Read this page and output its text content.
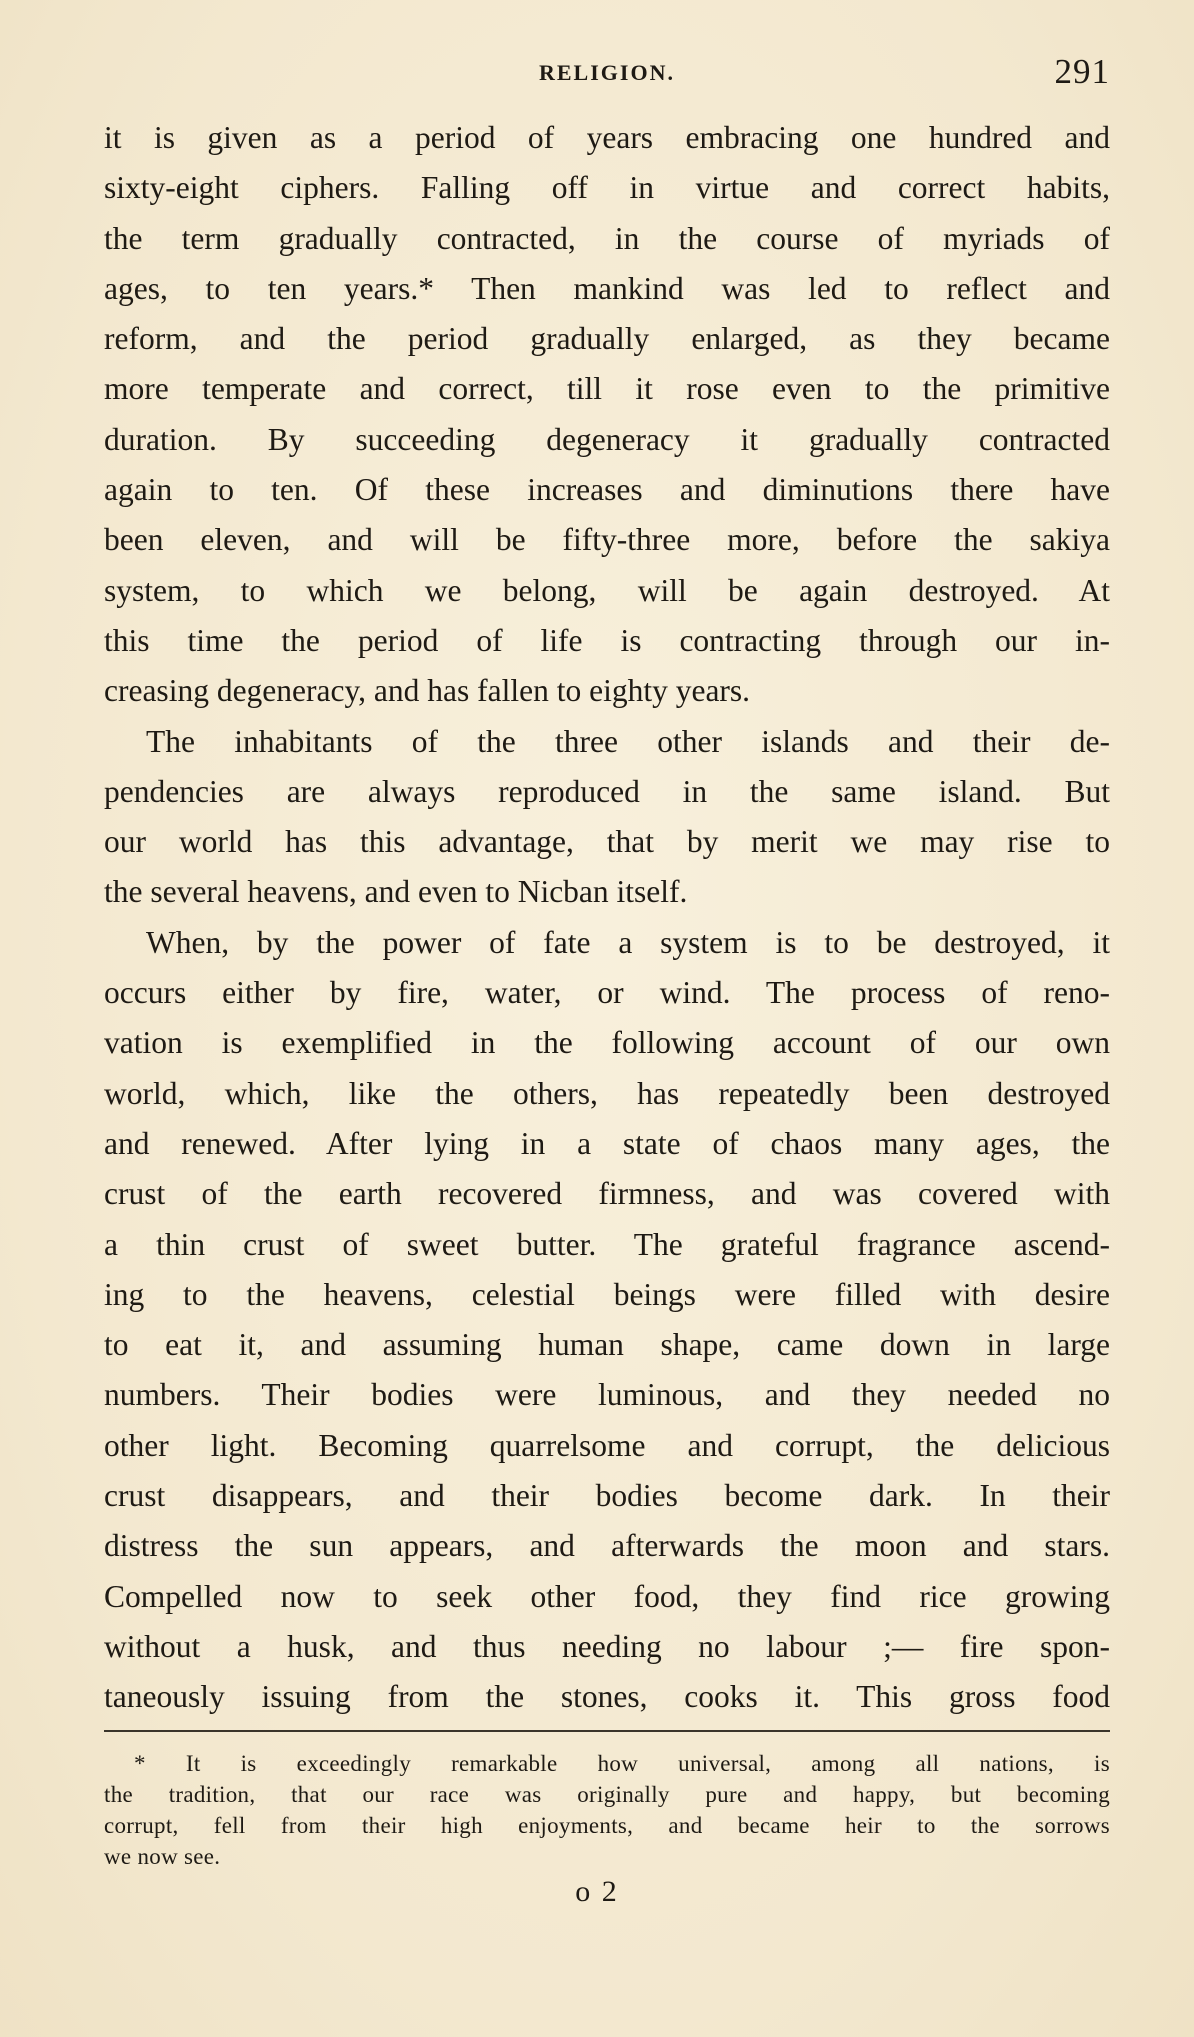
RELIGION.	291
it is given as a period of years embracing one hundred and
sixty-eight ciphers. Falling off in virtue and correct habits,
the term gradually contracted, in the course of myriads of
ages, to ten years.* Then mankind was led to reflect and
reform, and the period gradually enlarged, as they became
more temperate and correct, till it rose even to the primitive
duration. By succeeding degeneracy it gradually contracted
again to ten. Of these increases and diminutions there have
been eleven, and will be fifty-three more, before the sakiya
system, to which we belong, will be again destroyed. At
this time the period of life is contracting through our in-
creasing degeneracy, and has fallen to eighty years.
The inhabitants of the three other islands and their de-
pendencies are always reproduced in the same island. But
our world has this advantage, that by merit we may rise to
the several heavens, and even to Nicban itself.
When, by the power of fate a system is to be destroyed, it
occurs either by fire, water, or wind. The process of reno-
vation is exemplified in the following account of our own
world, which, like the others, has repeatedly been destroyed
and renewed. After lying in a state of chaos many ages, the
crust of the earth recovered firmness, and was covered with
a thin crust of sweet butter. The grateful fragrance ascend-
ing to the heavens, celestial beings were filled with desire
to eat it, and assuming human shape, came down in large
numbers. Their bodies were luminous, and they needed no
other light. Becoming quarrelsome and corrupt, the delicious
crust disappears, and their bodies become dark. In their
distress the sun appears, and afterwards the moon and stars.
Compelled now to seek other food, they find rice growing
without a husk, and thus needing no labour ;— fire spon-
taneously issuing from the stones, cooks it. This gross food
* It is exceedingly remarkable how universal, among all nations, is
the tradition, that our race was originally pure and happy, but becoming
corrupt, fell from their high enjoyments, and became heir to the sorrows
we now see.
o 2
